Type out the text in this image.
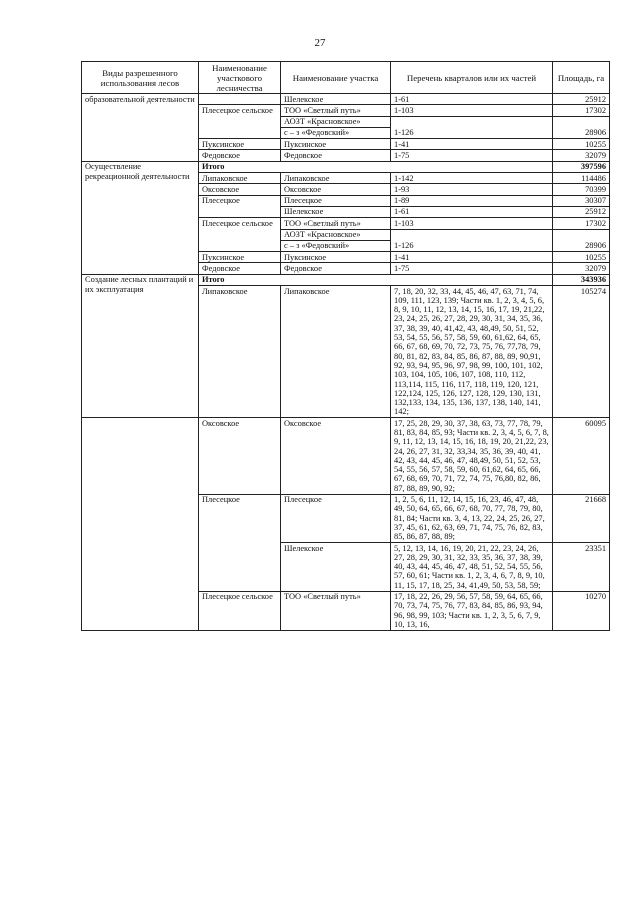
27
Виды разрешенного использования лесов	Наименование участкового лесничества	Наименование участка	Перечень кварталов или их частей	Площадь, га
образовательной деятельности		Шелекское	1-61	25912
	Плесецкое сельское	ТОО «Светлый путь»	1-103	17302
		АОЗТ «Красновское»		
		с – з «Федовский»	1-126	28906
	Пуксинское	Пуксинское	1-41	10255
	Федовское	Федовское	1-75	32079
Осуществление рекреационной деятельности	Итого			397596
	Липаковское	Липаковское	1-142	114486
	Оксовское	Оксовское	1-93	70399
	Плесецкое	Плесецкое	1-89	30307
		Шелекское	1-61	25912
	Плесецкое сельское	ТОО «Светлый путь»	1-103	17302
		АОЗТ «Красновское»		
		с – з «Федовский»	1-126	28906
	Пуксинское	Пуксинское	1-41	10255
	Федовское	Федовское	1-75	32079
Создание лесных плантаций и их эксплуатация	Итого			343936
	Липаковское	Липаковское	7, 18, 20, 32, 33, 44, 45, 46, 47, 63, 71, 74, 109, 111, 123, 139; Части кв. 1, 2, 3, 4, 5, 6, 8, 9, 10, 11, 12, 13, 14, 15, 16, 17, 19, 21,22, 23, 24, 25, 26, 27, 28, 29, 30, 31, 34, 35, 36, 37, 38, 39, 40, 41,42, 43, 48,49, 50, 51, 52, 53, 54, 55, 56, 57, 58, 59, 60, 61,62, 64, 65, 66, 67, 68, 69, 70, 72, 73, 75, 76, 77,78, 79, 80, 81, 82, 83, 84, 85, 86, 87, 88, 89, 90,91, 92, 93, 94, 95, 96, 97, 98, 99, 100, 101, 102, 103, 104, 105, 106, 107, 108, 110, 112, 113,114, 115, 116, 117, 118, 119, 120, 121, 122,124, 125, 126, 127, 128, 129, 130, 131, 132,133, 134, 135, 136, 137, 138, 140, 141, 142;	105274
	Оксовское	Оксовское	17, 25, 28, 29, 30, 37, 38, 63, 73, 77, 78, 79, 81, 83, 84, 85, 93; Части кв. 2, 3, 4, 5, 6, 7, 8, 9, 11, 12, 13, 14, 15, 16, 18, 19, 20, 21,22, 23, 24, 26, 27, 31, 32, 33,34, 35, 36, 39, 40, 41, 42, 43, 44, 45, 46, 47, 48,49, 50, 51, 52, 53, 54, 55, 56, 57, 58, 59, 60, 61,62, 64, 65, 66, 67, 68, 69, 70, 71, 72, 74, 75, 76,80, 82, 86, 87, 88, 89, 90, 92;	60095
	Плесецкое	Плесецкое	1, 2, 5, 6, 11, 12, 14, 15, 16, 23, 46, 47, 48, 49, 50, 64, 65, 66, 67, 68, 70, 77, 78, 79, 80, 81, 84; Части кв. 3, 4, 13, 22, 24, 25, 26, 27, 37, 45, 61, 62, 63, 69, 71, 74, 75, 76, 82, 83, 85, 86, 87, 88, 89;	21668
		Шелекское	5, 12, 13, 14, 16, 19, 20, 21, 22, 23, 24, 26, 27, 28, 29, 30, 31, 32, 33, 35, 36, 37, 38, 39, 40, 43, 44, 45, 46, 47, 48, 51, 52, 54, 55, 56, 57, 60, 61; Части кв. 1, 2, 3, 4, 6, 7, 8, 9, 10, 11, 15, 17, 18, 25, 34, 41,49, 50, 53, 58, 59;	23351
	Плесецкое сельское	ТОО «Светлый путь»	17, 18, 22, 26, 29, 56, 57, 58, 59, 64, 65, 66, 70, 73, 74, 75, 76, 77, 83, 84, 85, 86, 93, 94, 96, 98, 99, 103; Части кв. 1, 2, 3, 5, 6, 7, 9, 10, 13, 16,	10270
